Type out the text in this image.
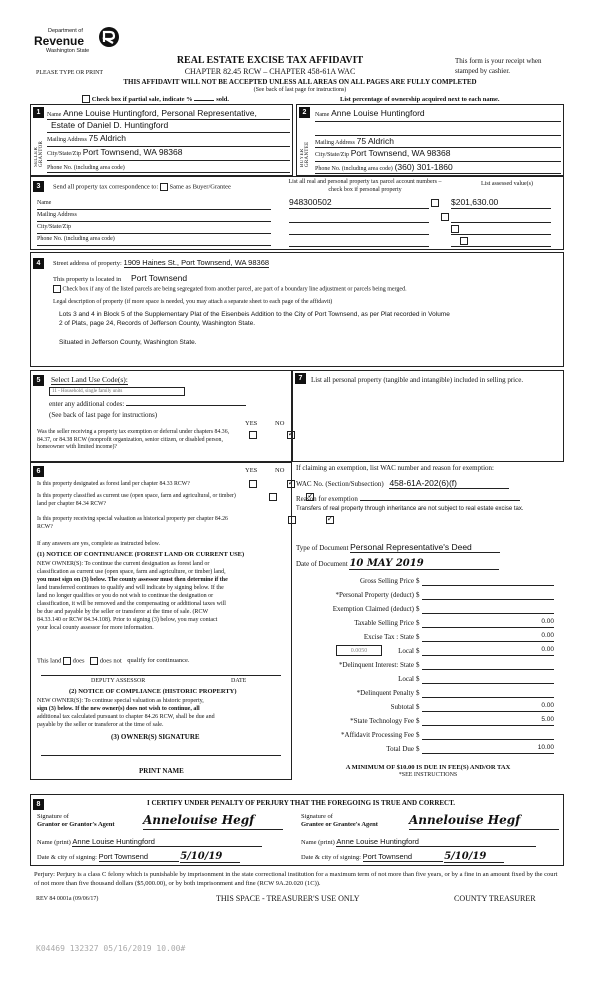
Department of
Revenue
Washington State
PLEASE TYPE OR PRINT
REAL ESTATE EXCISE TAX AFFIDAVIT
CHAPTER 82.45 RCW – CHAPTER 458-61A WAC
This form is your receipt when stamped by cashier.
THIS AFFIDAVIT WILL NOT BE ACCEPTED UNLESS ALL AREAS ON ALL PAGES ARE FULLY COMPLETED
(See back of last page for instructions)
Check box if partial sale, indicate %	sold.	List percentage of ownership acquired next to each name.
1
SELLER GRANTOR
Name Anne Louise Huntingford, Personal Representative,
Estate of Daniel D. Huntingford
Mailing Address 75 Aldrich
City/State/Zip Port Townsend, WA 98368
Phone No. (including area code)
2
BUYER GRANTEE
Name Anne Louise Huntingford
Mailing Address 75 Aldrich
City/State/Zip Port Townsend, WA 98368
Phone No. (including area code) (360) 301-1860
3	Send all property tax correspondence to: Same as Buyer/Grantee
Name
Mailing Address
City/State/Zip
Phone No. (including area code)
List all real and personal property tax parcel account numbers – check box if personal property
List assessed value(s)
948300502
	$201,630.00

4	Street address of property: 1909 Haines St., Port Townsend, WA 98368
This property is located in Port Townsend
Check box if any of the listed parcels are being segregated from another parcel, are part of a boundary line adjustment or parcels being merged.
Legal description of property (if more space is needed, you may attach a separate sheet to each page of the affidavit)
Lots 3 and 4 in Block 5 of the Supplementary Plat of the Eisenbeis Addition to the City of Port Townsend, as per Plat recorded in Volume
2 of Plats, page 24, Records of Jefferson County, Washington State.
Situated in Jefferson County, Washington State.
5	Select Land Use Code(s):
11 - Household, single family units
enter any additional codes:
(See back of last page for instructions)
YES	NO
Was the seller receiving a property tax exemption or deferral under chapters 84.36, 84.37, or 84.38 RCW (nonprofit organization, senior citizen, or disabled person, homeowner with limited income)?
✓
6	YES	NO
Is this property designated as forest land per chapter 84.33 RCW?
✓
Is this property classified as current use (open space, farm and agricultural, or timber) land per chapter 84.34 RCW?
✓
Is this property receiving special valuation as historical property per chapter 84.26 RCW?
✓
If any answers are yes, complete as instructed below.
(1) NOTICE OF CONTINUANCE (FOREST LAND OR CURRENT USE)
NEW OWNER(S): To continue the current designation as forest land or
classification as current use (open space, farm and agriculture, or timber) land,
you must sign on (3) below. The county assessor must then determine if the
land transferred continues to qualify and will indicate by signing below. If the
land no longer qualifies or you do not wish to continue the designation or
classification, it will be removed and the compensating or additional taxes will
be due and payable by the seller or transferor at the time of sale. (RCW
84.33.140 or RCW 84.34.108). Prior to signing (3) below, you may contact
your local county assessor for more information.
This land does does not qualify for continuance.
DEPUTY ASSESSOR	DATE
(2) NOTICE OF COMPLIANCE (HISTORIC PROPERTY)
NEW OWNER(S): To continue special valuation as historic property,
sign (3) below. If the new owner(s) does not wish to continue, all
additional tax calculated pursuant to chapter 84.26 RCW, shall be due and
payable by the seller or transferor at the time of sale.
(3) OWNER(S) SIGNATURE
PRINT NAME
7	List all personal property (tangible and intangible) included in selling price.
If claiming an exemption, list WAC number and reason for exemption:
WAC No. (Section/Subsection) 458-61A-202(6)(f)
Reason for exemption
Transfers of real property through inheritance are not subject to real estate excise tax.
Type of Document Personal Representative's Deed
Date of Document 10 MAY 2019
Gross Selling Price $
*Personal Property (deduct) $
Exemption Claimed (deduct) $
Taxable Selling Price $	0.00
Excise Tax : State $	0.00
0.0050	Local $	0.00
*Delinquent Interest: State $
Local $
*Delinquent Penalty $
Subtotal $	0.00
*State Technology Fee $	5.00
*Affidavit Processing Fee $
Total Due $	10.00
A MINIMUM OF $10.00 IS DUE IN FEE(S) AND/OR TAX
*SEE INSTRUCTIONS
8	I CERTIFY UNDER PENALTY OF PERJURY THAT THE FOREGOING IS TRUE AND CORRECT.
Signature of
Grantor or Grantor's Agent Annelouise Hegf
Name (print) Anne Louise Huntingford
Date & city of signing: Port Townsend	5/10/19
Signature of
Grantee or Grantee's Agent	Annelouise Hegf
Name (print) Anne Louise Huntingford
Date & city of signing: Port Townsend	5/10/19
Perjury: Perjury is a class C felony which is punishable by imprisonment in the state correctional institution for a maximum term of not more than five years, or by a fine in an amount fixed by the court of not more than five thousand dollars ($5,000.00), or by both imprisonment and fine (RCW 9A.20.020 (1C)).
REV 84 0001a (09/06/17)	THIS SPACE - TREASURER'S USE ONLY	COUNTY TREASURER
K04469 132327 05/16/2019 10.00#
